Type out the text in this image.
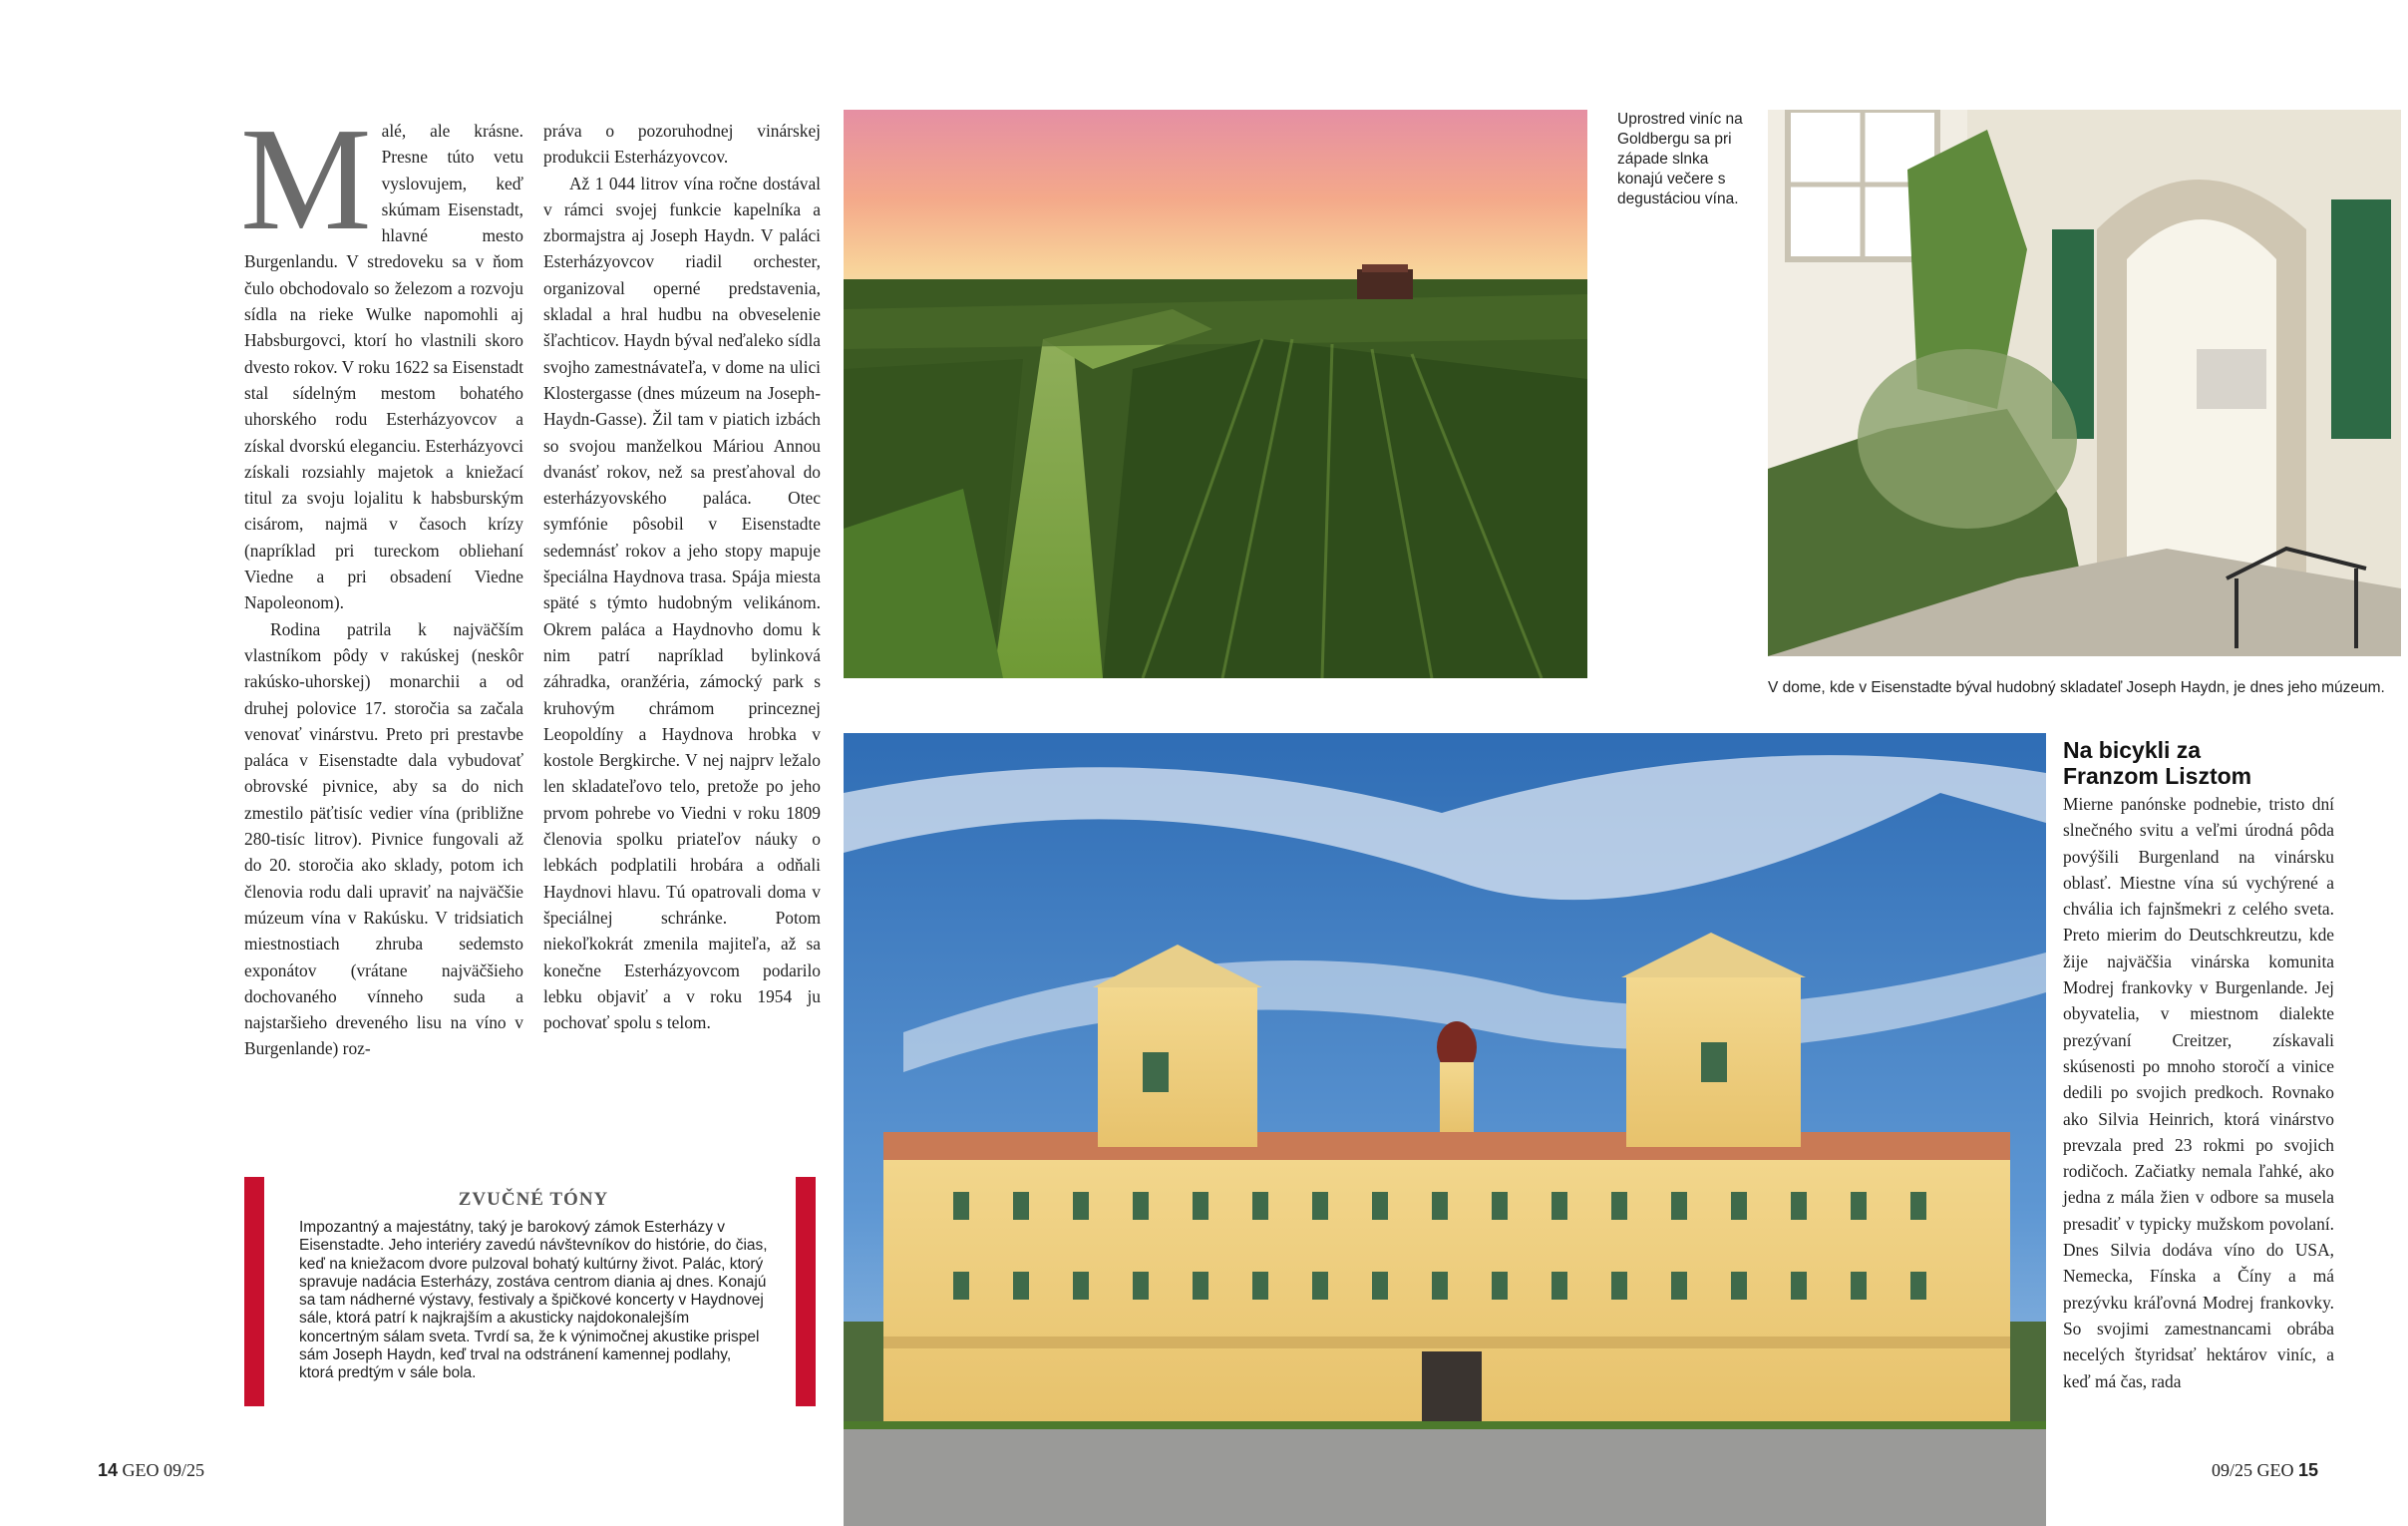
Malé, ale krásne. Presne túto vetu vyslovujem, keď skúmam Eisenstadt, hlavné mesto Burgenlandu. V stredoveku sa v ňom čulo obchodovalo so železom a rozvoju sídla na rieke Wulke napomohli aj Habsburgovci, ktorí ho vlastnili skoro dvesto rokov. V roku 1622 sa Eisenstadt stal sídelným mestom bohatého uhorského rodu Esterházyovcov a získal dvorskú eleganciu. Esterházyovci získali rozsiahly majetok a kniežací titul za svoju lojalitu k habsburským cisárom, najmä v časoch krízy (napríklad pri tureckom obliehaní Viedne a pri obsadení Viedne Napoleonom).

Rodina patrila k najväčším vlastníkom pôdy v rakúskej (neskôr rakúsko-uhorskej) monarchii a od druhej polovice 17. storočia sa začala venovať vinárstvu. Preto pri prestavbe paláca v Eisenstadte dala vybudovať obrovské pivnice, aby sa do nich zmestilo päťtisíc vedier vína (približne 280-tisíc litrov). Pivnice fungovali až do 20. storočia ako sklady, potom ich členovia rodu dali upraviť na najväčšie múzeum vína v Rakúsku. V tridsiatich miestnostiach zhruba sedemsto exponátov (vrátane najväčšieho dochovaného vínneho suda a najstaršieho dreveného lisu na víno v Burgenlande) roz-

práva o pozoruhodnej vinárskej produkcii Esterházyovcov.

Až 1 044 litrov vína ročne dostával v rámci svojej funkcie kapelníka a zbormajstra aj Joseph Haydn. V paláci Esterházyovcov riadil orchester, organizoval operné predstavenia, skladal a hral hudbu na obveselenie šľachticov. Haydn býval neďaleko sídla svojho zamestnávateľa, v dome na ulici Klostergasse (dnes múzeum na Joseph-Haydn-Gasse). Žil tam v piatich izbách so svojou manželkou Máriou Annou dvanásť rokov, než sa presťahoval do esterházyovského paláca. Otec symfónie pôsobil v Eisenstadte sedemnásť rokov a jeho stopy mapuje špeciálna Haydnova trasa. Spája miesta späté s týmto hudobným velikánom. Okrem paláca a Haydnovho domu k nim patrí napríklad bylinková záhradka, oranžéria, zámocký park s kruhovým chrámom princeznej Leopoldíny a Haydnova hrobka v kostole Bergkirche. V nej najprv ležalo len skladateľovo telo, pretože po jeho prvom pohrebe vo Viedni v roku 1809 členovia spolku priateľov náuky o lebkách podplatili hrobára a odňali Haydnovi hlavu. Tú opatrovali doma v špeciálnej schránke. Potom niekoľkokrát zmenila majiteľa, až sa konečne Esterházyovcom podarilo lebku objaviť a v roku 1954 ju pochovať spolu s telom.

ZVUČNÉ TÓNY
Impozantný a majestátny, taký je barokový zámok Esterházy v Eisenstadte. Jeho interiéry zavedú návštevníkov do histórie, do čias, keď na kniežacom dvore pulzoval bohatý kultúrny život. Palác, ktorý spravuje nadácia Esterházy, zostáva centrom diania aj dnes. Konajú sa tam nádherné výstavy, festivaly a špičkové koncerty v Haydnovej sále, ktorá patrí k najkrajším a akusticky najdokonalejším koncertným sálam sveta. Tvrdí sa, že k výnimočnej akustike prispel sám Joseph Haydn, keď trval na odstránení kamennej podlahy, ktorá predtým v sále bola.
Uprostred viníc na Goldbergu sa pri západe slnka konajú večere s degustáciou vína.
V dome, kde v Eisenstadte býval hudobný skladateľ Joseph Haydn, je dnes jeho múzeum.
Na bicykli za Franzom Lisztom
Mierne panónske podnebie, tristo dní slnečného svitu a veľmi úrodná pôda povýšili Burgenland na vinársku oblasť. Miestne vína sú vychýrené a chvália ich fajnšmekri z celého sveta. Preto mierim do Deutschkreutzu, kde žije najväčšia vinárska komunita Modrej frankovky v Burgenlande. Jej obyvatelia, v miestnom dialekte prezývaní Creitzer, získavali skúsenosti po mnoho storočí a vinice dedili po svojich predkoch. Rovnako ako Silvia Heinrich, ktorá vinárstvo prevzala pred 23 rokmi po svojich rodičoch. Začiatky nemala ľahké, ako jedna z mála žien v odbore sa musela presadiť v typicky mužskom povolaní. Dnes Silvia dodáva víno do USA, Nemecka, Fínska a Číny a má prezývku kráľovná Modrej frankovky. So svojimi zamestnancami obrába necelých štyridsať hektárov viníc, a keď má čas, rada
14 GEO 09/25	09/25 GEO 15
